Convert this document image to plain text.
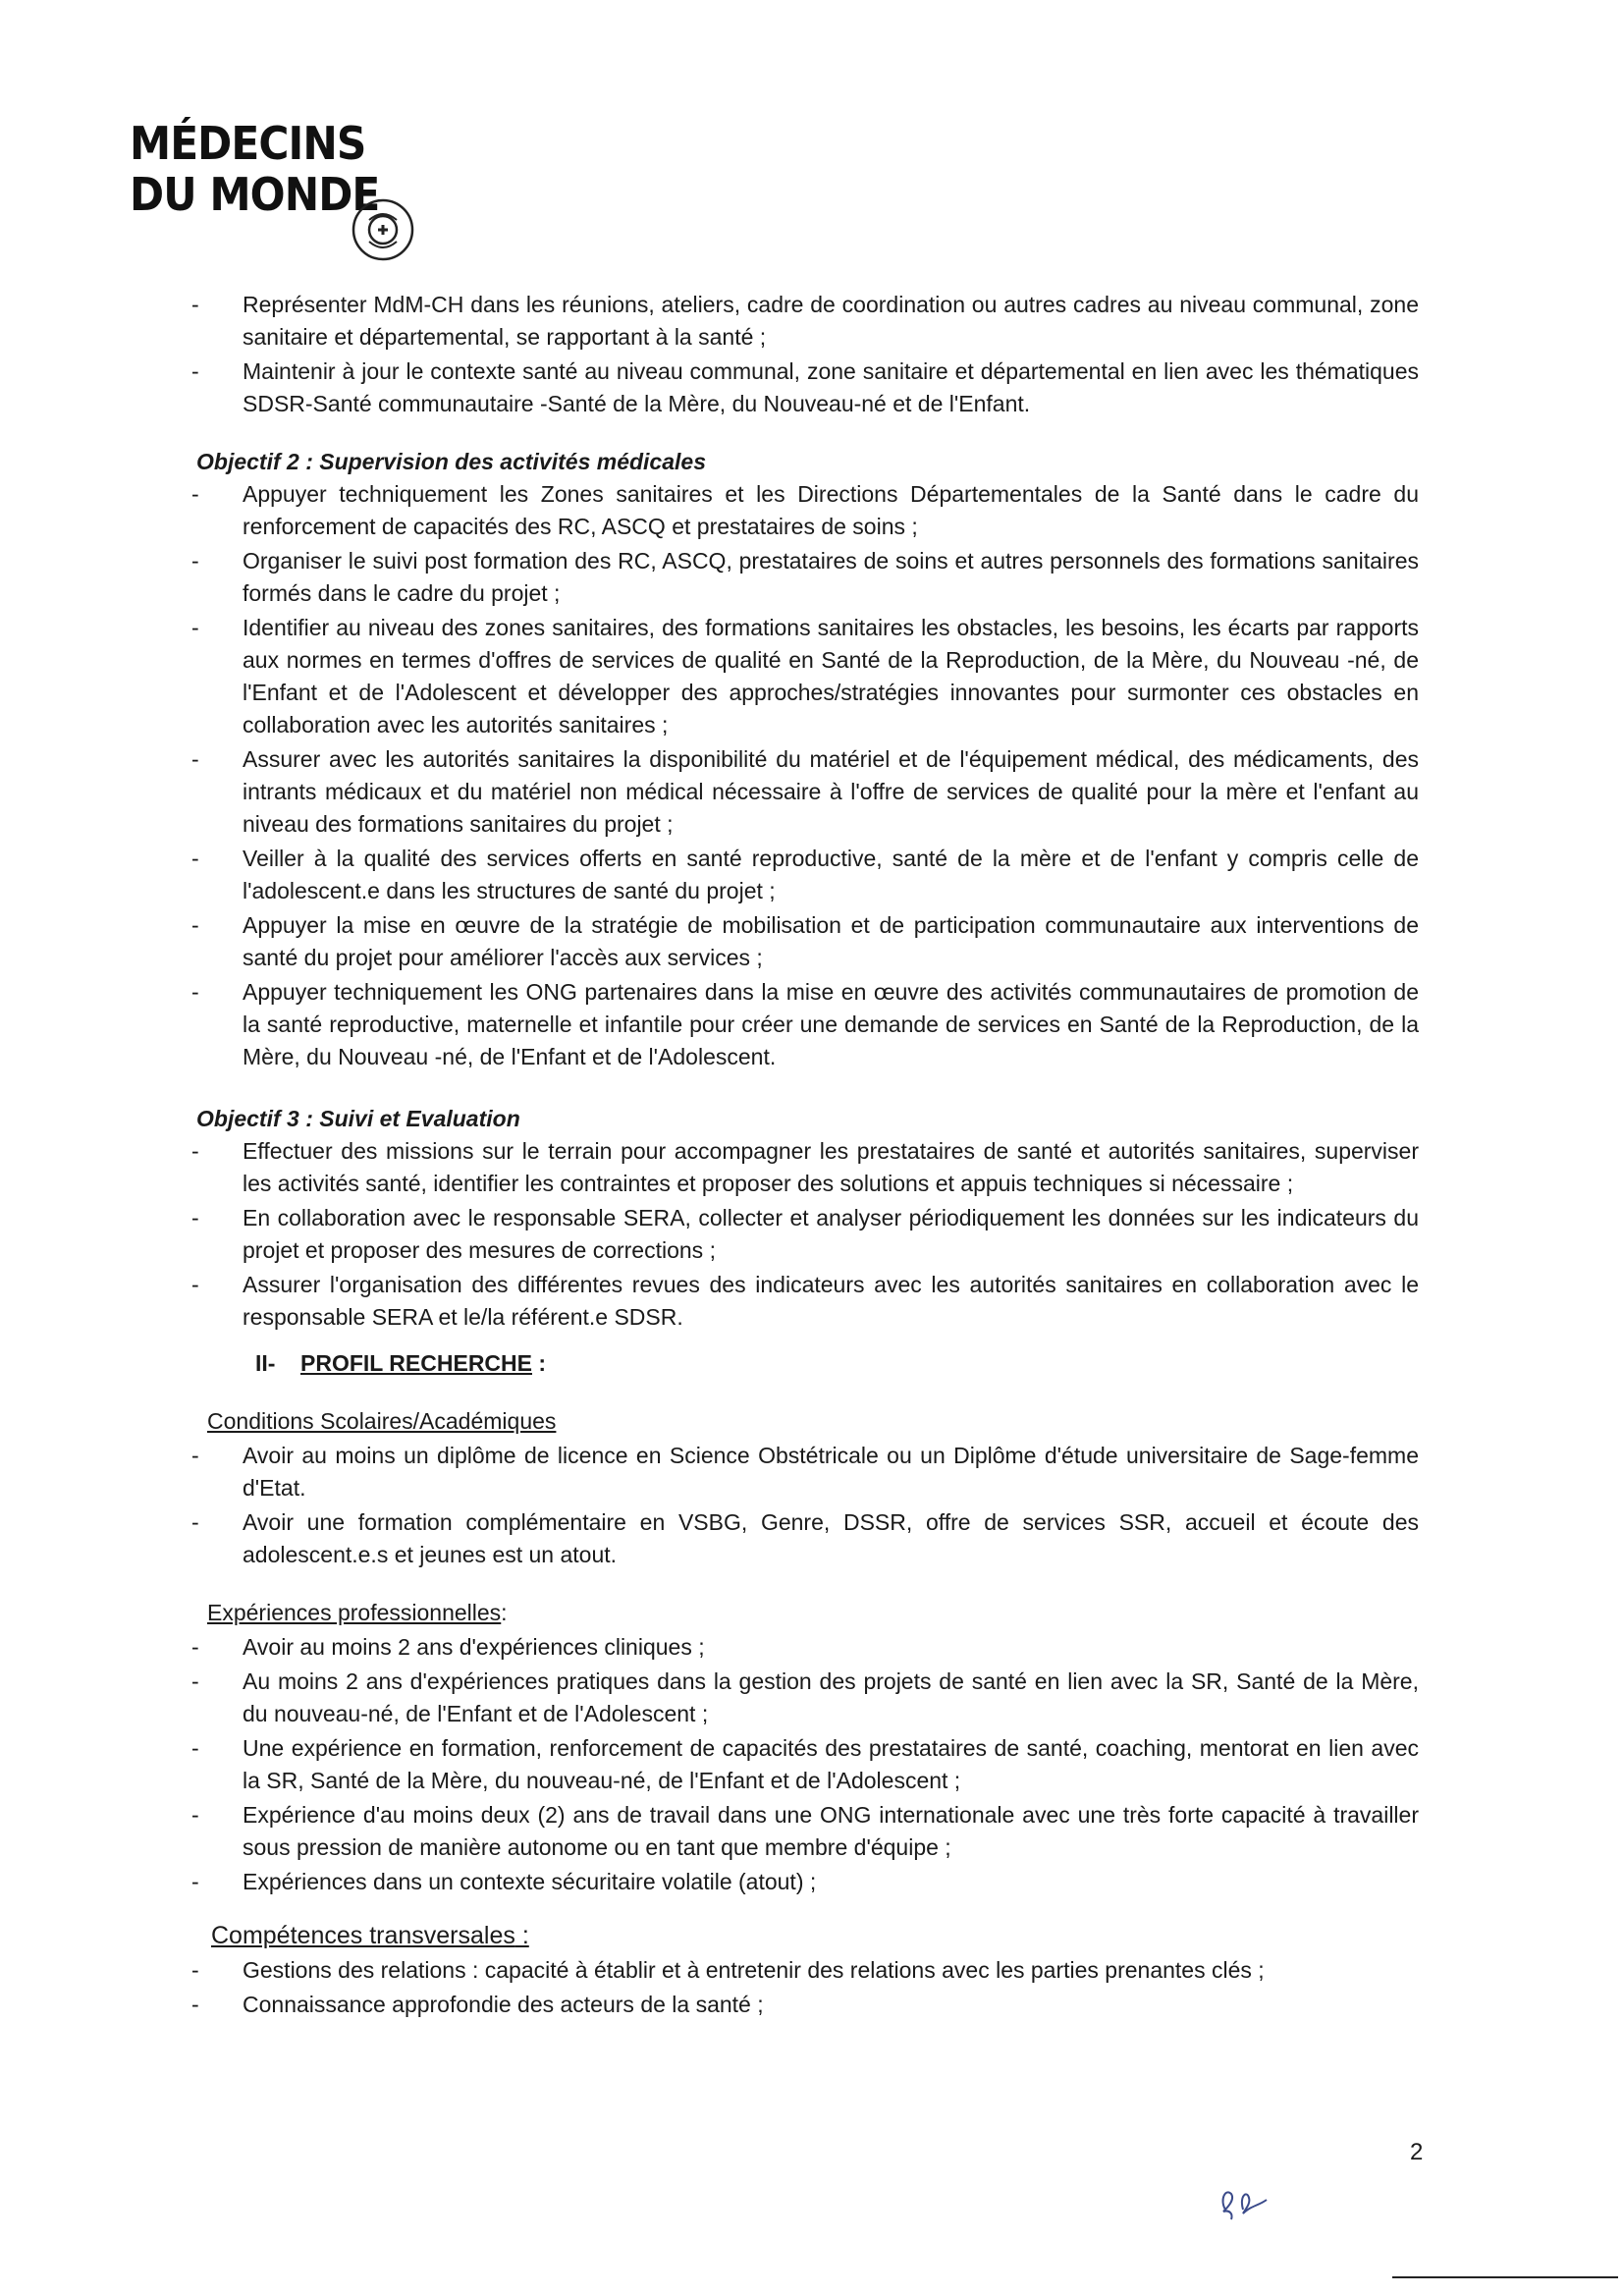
MÉDECINS
DU MONDE
-	Représenter MdM-CH dans les réunions, ateliers, cadre de coordination ou autres cadres au niveau communal, zone sanitaire et départemental, se rapportant à la santé ;
-	Maintenir à jour le contexte santé au niveau communal, zone sanitaire et départemental en lien avec les thématiques SDSR-Santé communautaire -Santé de la Mère, du Nouveau-né et de l'Enfant.
Objectif 2 : Supervision des activités médicales
-	Appuyer techniquement les Zones sanitaires et les Directions Départementales de la Santé dans le cadre du renforcement de capacités des RC, ASCQ et prestataires de soins ;
-	Organiser le suivi post formation des RC, ASCQ, prestataires de soins et autres personnels des formations sanitaires formés dans le cadre du projet ;
-	Identifier au niveau des zones sanitaires, des formations sanitaires les obstacles, les besoins, les écarts par rapports aux normes en termes d'offres de services de qualité en Santé de la Reproduction, de la Mère, du Nouveau -né, de l'Enfant et de l'Adolescent et développer des approches/stratégies innovantes pour surmonter ces obstacles en collaboration avec les autorités sanitaires ;
-	Assurer avec les autorités sanitaires la disponibilité du matériel et de l'équipement médical, des médicaments, des intrants médicaux et du matériel non médical nécessaire à l'offre de services de qualité pour la mère et l'enfant au niveau des formations sanitaires du projet ;
-	Veiller à la qualité des services offerts en santé reproductive, santé de la mère et de l'enfant y compris celle de l'adolescent.e dans les structures de santé du projet ;
-	Appuyer la mise en œuvre de la stratégie de mobilisation et de participation communautaire aux interventions de santé du projet pour améliorer l'accès aux services ;
-	Appuyer techniquement les ONG partenaires dans la mise en œuvre des activités communautaires de promotion de la santé reproductive, maternelle et infantile pour créer une demande de services en Santé de la Reproduction, de la Mère, du Nouveau -né, de l'Enfant et de l'Adolescent.
Objectif 3 : Suivi et Evaluation
-	Effectuer des missions sur le terrain pour accompagner les prestataires de santé et autorités sanitaires, superviser les activités santé, identifier les contraintes et proposer des solutions et appuis techniques si nécessaire ;
-	En collaboration avec le responsable SERA, collecter et analyser périodiquement les données sur les indicateurs du projet et proposer des mesures de corrections ;
-	Assurer l'organisation des différentes revues des indicateurs avec les autorités sanitaires en collaboration avec le responsable SERA et le/la référent.e SDSR.
II- PROFIL RECHERCHE :
Conditions Scolaires/Académiques
-	Avoir au moins un diplôme de licence en Science Obstétricale ou un Diplôme d'étude universitaire de Sage-femme d'Etat.
-	Avoir une formation complémentaire en VSBG, Genre, DSSR, offre de services SSR, accueil et écoute des adolescent.e.s et jeunes est un atout.
Expériences professionnelles:
-	Avoir au moins 2 ans d'expériences cliniques ;
-	Au moins 2 ans d'expériences pratiques dans la gestion des projets de santé en lien avec la SR, Santé de la Mère, du nouveau-né, de l'Enfant et de l'Adolescent ;
-	Une expérience en formation, renforcement de capacités des prestataires de santé, coaching, mentorat en lien avec la SR, Santé de la Mère, du nouveau-né, de l'Enfant et de l'Adolescent ;
-	Expérience d'au moins deux (2) ans de travail dans une ONG internationale avec une très forte capacité à travailler sous pression de manière autonome ou en tant que membre d'équipe ;
-	Expériences dans un contexte sécuritaire volatile (atout) ;
Compétences transversales :
-	Gestions des relations : capacité à établir et à entretenir des relations avec les parties prenantes clés ;
-	Connaissance approfondie des acteurs de la santé ;
2
